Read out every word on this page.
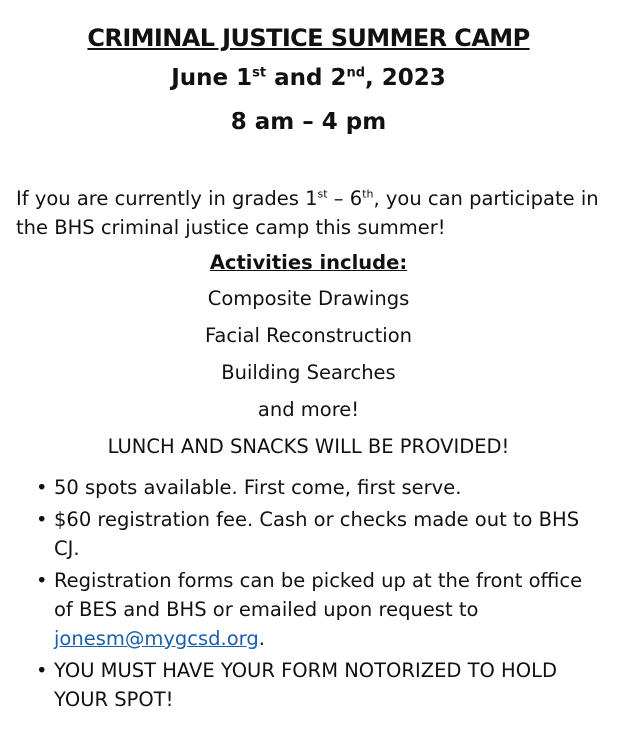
CRIMINAL JUSTICE SUMMER CAMP

June 1st and 2nd, 2023

8 am – 4 pm

If you are currently in grades 1st – 6th, you can participate in the BHS criminal justice camp this summer!

Activities include:

Composite Drawings

Facial Reconstruction

Building Searches

and more!

LUNCH AND SNACKS WILL BE PROVIDED!

• 50 spots available. First come, first serve.
• $60 registration fee. Cash or checks made out to BHS CJ.
• Registration forms can be picked up at the front office of BES and BHS or emailed upon request to jonesm@mygcsd.org.
• YOU MUST HAVE YOUR FORM NOTORIZED TO HOLD YOUR SPOT!
